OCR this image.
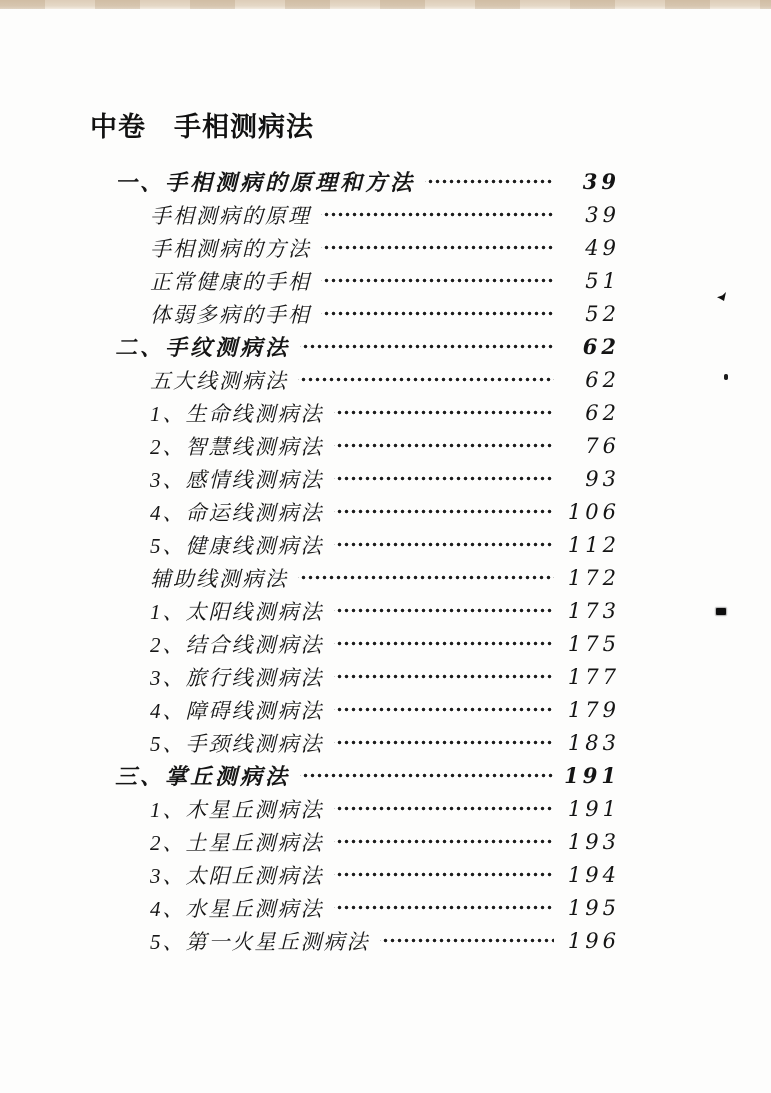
中卷　手相测病法
一、手相测病的原理和方法	39
手相测病的原理	39
手相测病的方法	49
正常健康的手相	51
体弱多病的手相	52
二、手纹测病法	62
五大线测病法	62
1、生命线测病法	62
2、智慧线测病法	76
3、感情线测病法	93
4、命运线测病法	106
5、健康线测病法	112
辅助线测病法	172
1、太阳线测病法	173
2、结合线测病法	175
3、旅行线测病法	177
4、障碍线测病法	179
5、手颈线测病法	183
三、掌丘测病法	191
1、木星丘测病法	191
2、土星丘测病法	193
3、太阳丘测病法	194
4、水星丘测病法	195
5、第一火星丘测病法	196
